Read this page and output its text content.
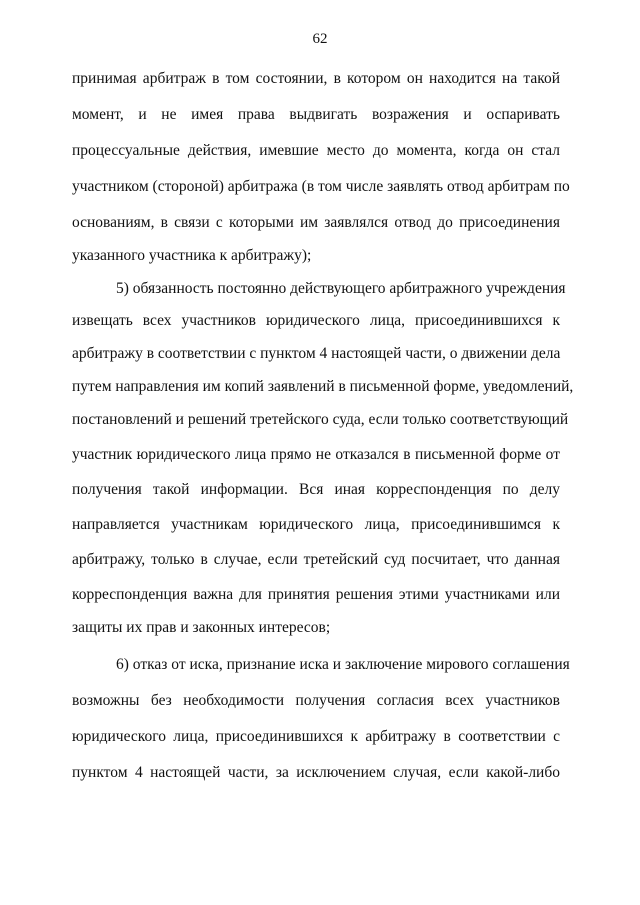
62
принимая арбитраж в том состоянии, в котором он находится на такой
момент, и не имея права выдвигать возражения и оспаривать
процессуальные действия, имевшие место до момента, когда он стал
участником (стороной) арбитража (в том числе заявлять отвод арбитрам по
основаниям, в связи с которыми им заявлялся отвод до присоединения
указанного участника к арбитражу);
5) обязанность постоянно действующего арбитражного учреждения
извещать всех участников юридического лица, присоединившихся к
арбитражу в соответствии с пунктом 4 настоящей части, о движении дела
путем направления им копий заявлений в письменной форме, уведомлений,
постановлений и решений третейского суда, если только соответствующий
участник юридического лица прямо не отказался в письменной форме от
получения такой информации. Вся иная корреспонденция по делу
направляется участникам юридического лица, присоединившимся к
арбитражу, только в случае, если третейский суд посчитает, что данная
корреспонденция важна для принятия решения этими участниками или
защиты их прав и законных интересов;
6) отказ от иска, признание иска и заключение мирового соглашения
возможны без необходимости получения согласия всех участников
юридического лица, присоединившихся к арбитражу в соответствии с
пунктом 4 настоящей части, за исключением случая, если какой-либо
